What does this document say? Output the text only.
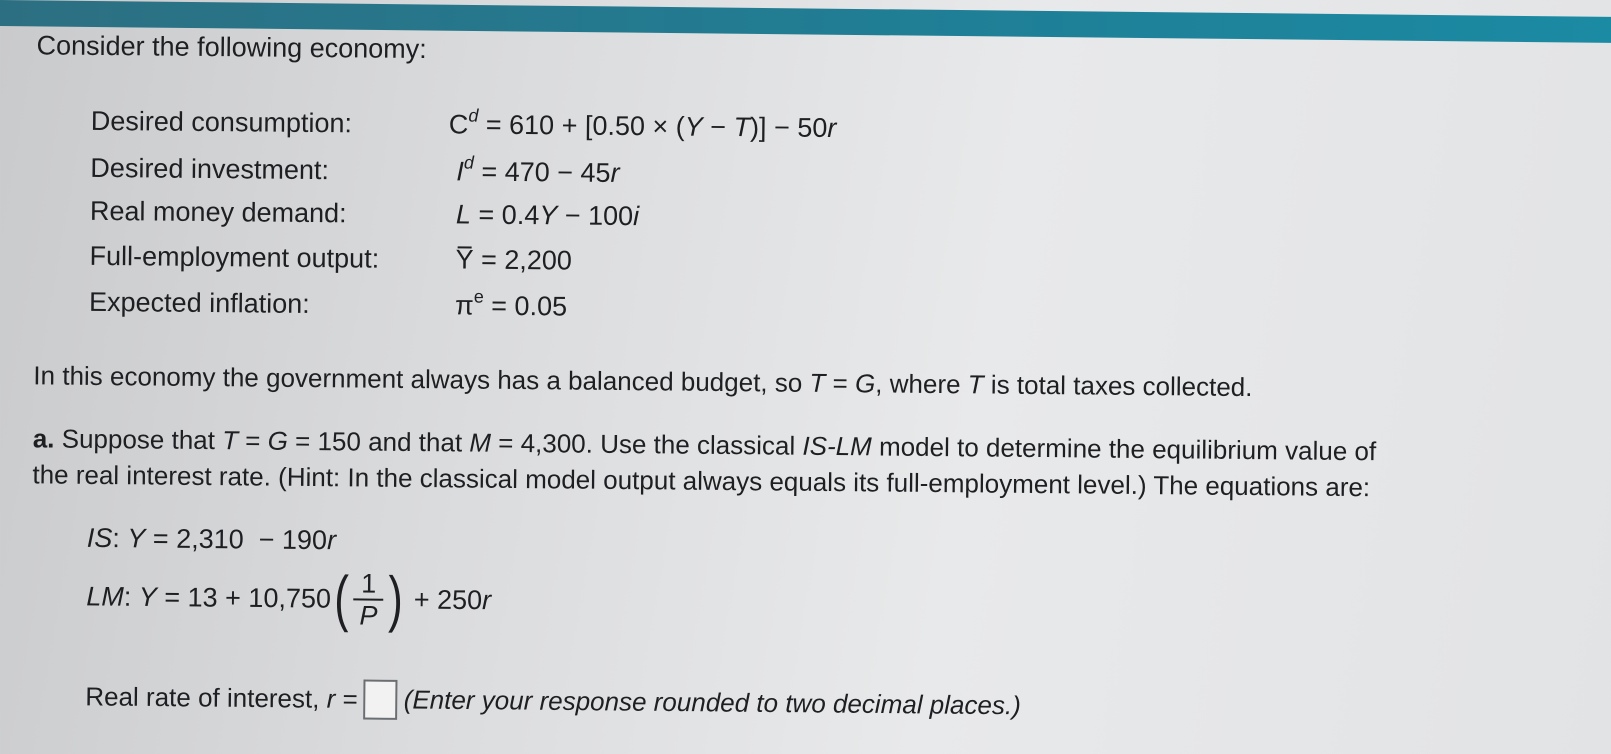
Consider the following economy:
Desired consumption:
Desired investment:
Real money demand:
Full-employment output:
Expected inflation:
$C^d = 610 + [0.50 \times (Y - T)] - 50r$
$I^d = 470 - 45r$
L = 0.4Y − 100i
Y = 2,200
$\pi^e = 0.05$
In this economy the government always has a balanced budget, so T = G, where T is total taxes collected.
a. Suppose that T = G = 150 and that M = 4,300. Use the classical IS-LM model to determine the equilibrium value of
the real interest rate. (Hint: In the classical model output always equals its full-employment level.) The equations are:
IS: Y = 2,310  − 190r
LM: $Y = 13 + 10,750( \frac{1}{P}$ ) + 250r
Real rate of interest, r = (Enter your response rounded to two decimal places.)
